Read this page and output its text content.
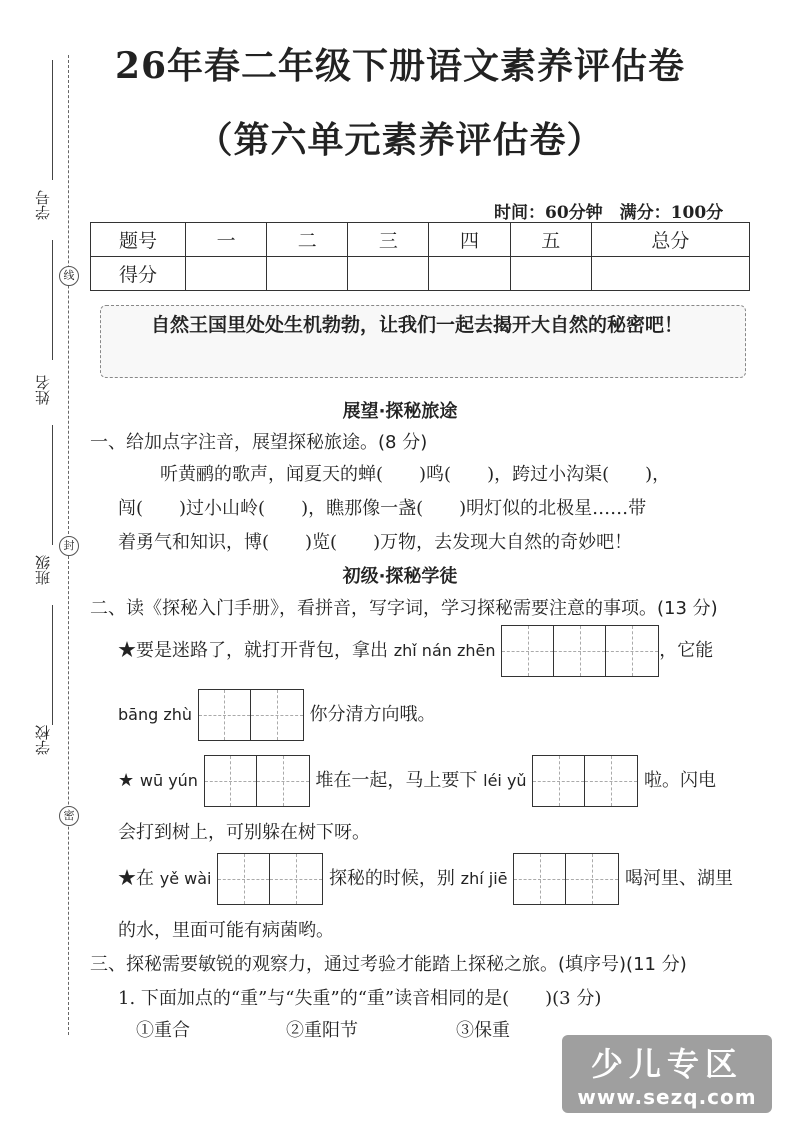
26年春二年级下册语文素养评估卷
（第六单元素养评估卷）
学号
姓名
班级
学校
线
封
密
时间：60分钟　满分：100分
题号	一	二	三	四	五	总分
得分						
自然王国里处处生机勃勃，让我们一起去揭开大自然的秘密吧！
展望·探秘旅途
一、给加点字注音，展望探秘旅途。(8 分)
听黄鹂的歌声，闻夏天的蝉(　　)鸣(　　)，跨过小沟渠(　　)，
闯(　　)过小山岭(　　)，瞧那像一盏(　　)明灯似的北极星……带
着勇气和知识，博(　　)览(　　)万物，去发现大自然的奇妙吧！
初级·探秘学徒
二、读《探秘入门手册》，看拼音，写字词，学习探秘需要注意的事项。(13 分)
★要是迷路了，就打开背包，拿出 zhǐ nán zhēn	，它能
bāng zhù	你分清方向哦。
★ wū yún	堆在一起，马上要下 léi yǔ	啦。闪电
会打到树上，可别躲在树下呀。
★在 yě wài	探秘的时候，别 zhí jiē	喝河里、湖里
的水，里面可能有病菌哟。
三、探秘需要敏锐的观察力，通过考验才能踏上探秘之旅。(填序号)(11 分)
1. 下面加点的“重”与“失重”的“重”读音相同的是(　　)(3 分)
①重合	②重阳节	③保重
少儿专区
www.sezq.com
